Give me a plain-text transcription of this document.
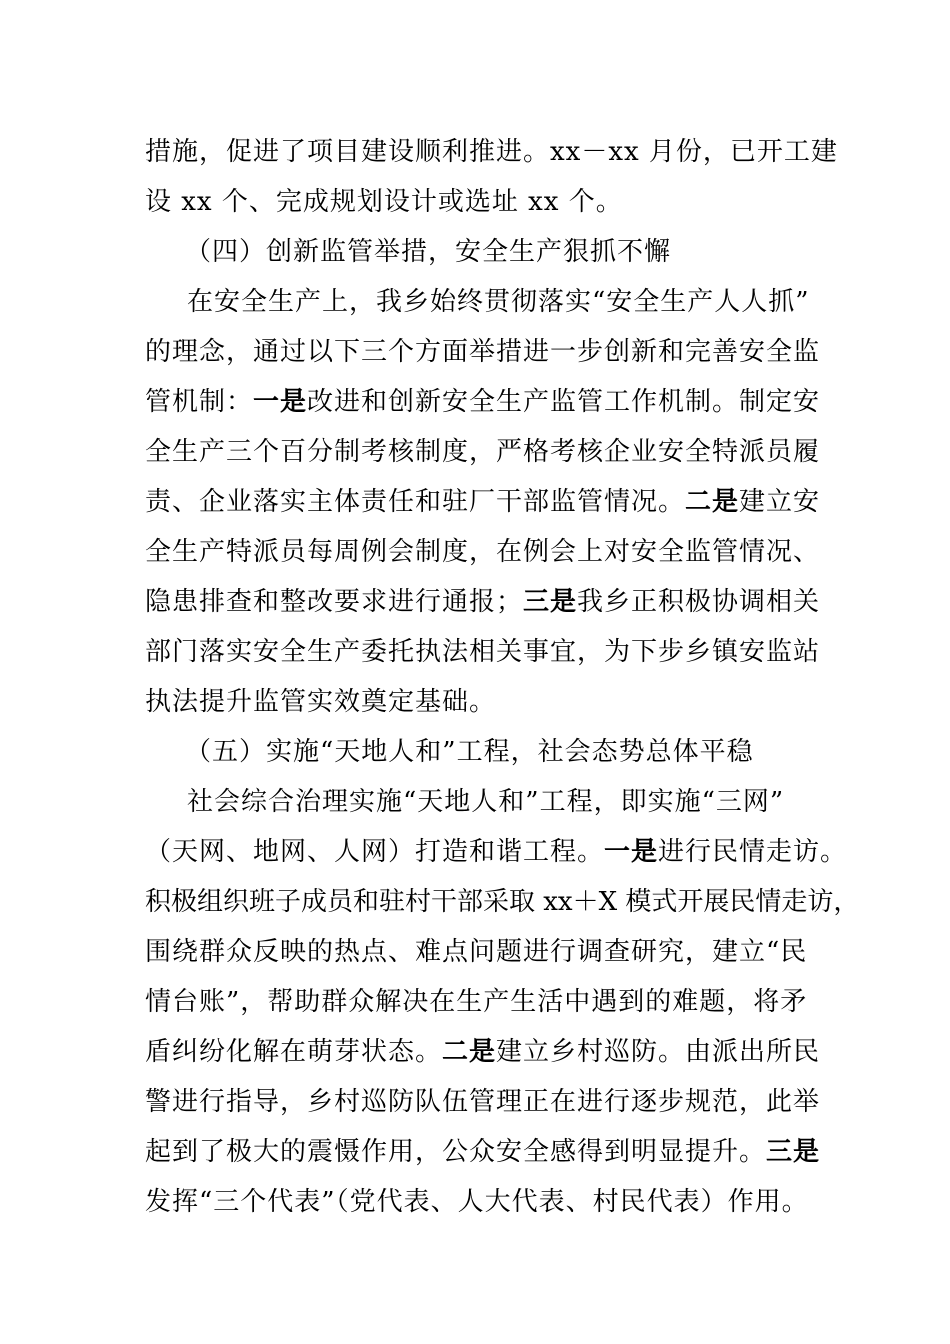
措施，促进了项目建设顺利推进。xx－xx 月份，已开工建
设 xx 个、完成规划设计或选址 xx 个。
（四）创新监管举措，安全生产狠抓不懈
在安全生产上，我乡始终贯彻落实“安全生产人人抓”
的理念，通过以下三个方面举措进一步创新和完善安全监
管机制：一是改进和创新安全生产监管工作机制。制定安
全生产三个百分制考核制度，严格考核企业安全特派员履
责、企业落实主体责任和驻厂干部监管情况。二是建立安
全生产特派员每周例会制度，在例会上对安全监管情况、
隐患排查和整改要求进行通报；三是我乡正积极协调相关
部门落实安全生产委托执法相关事宜，为下步乡镇安监站
执法提升监管实效奠定基础。
（五）实施“天地人和”工程，社会态势总体平稳
社会综合治理实施“天地人和”工程，即实施“三网”
（天网、地网、人网）打造和谐工程。一是进行民情走访。
积极组织班子成员和驻村干部采取 xx＋X 模式开展民情走访，
围绕群众反映的热点、难点问题进行调查研究，建立“民
情台账”，帮助群众解决在生产生活中遇到的难题，将矛
盾纠纷化解在萌芽状态。二是建立乡村巡防。由派出所民
警进行指导，乡村巡防队伍管理正在进行逐步规范，此举
起到了极大的震慑作用，公众安全感得到明显提升。三是
发挥“三个代表”（党代表、人大代表、村民代表）作用。
